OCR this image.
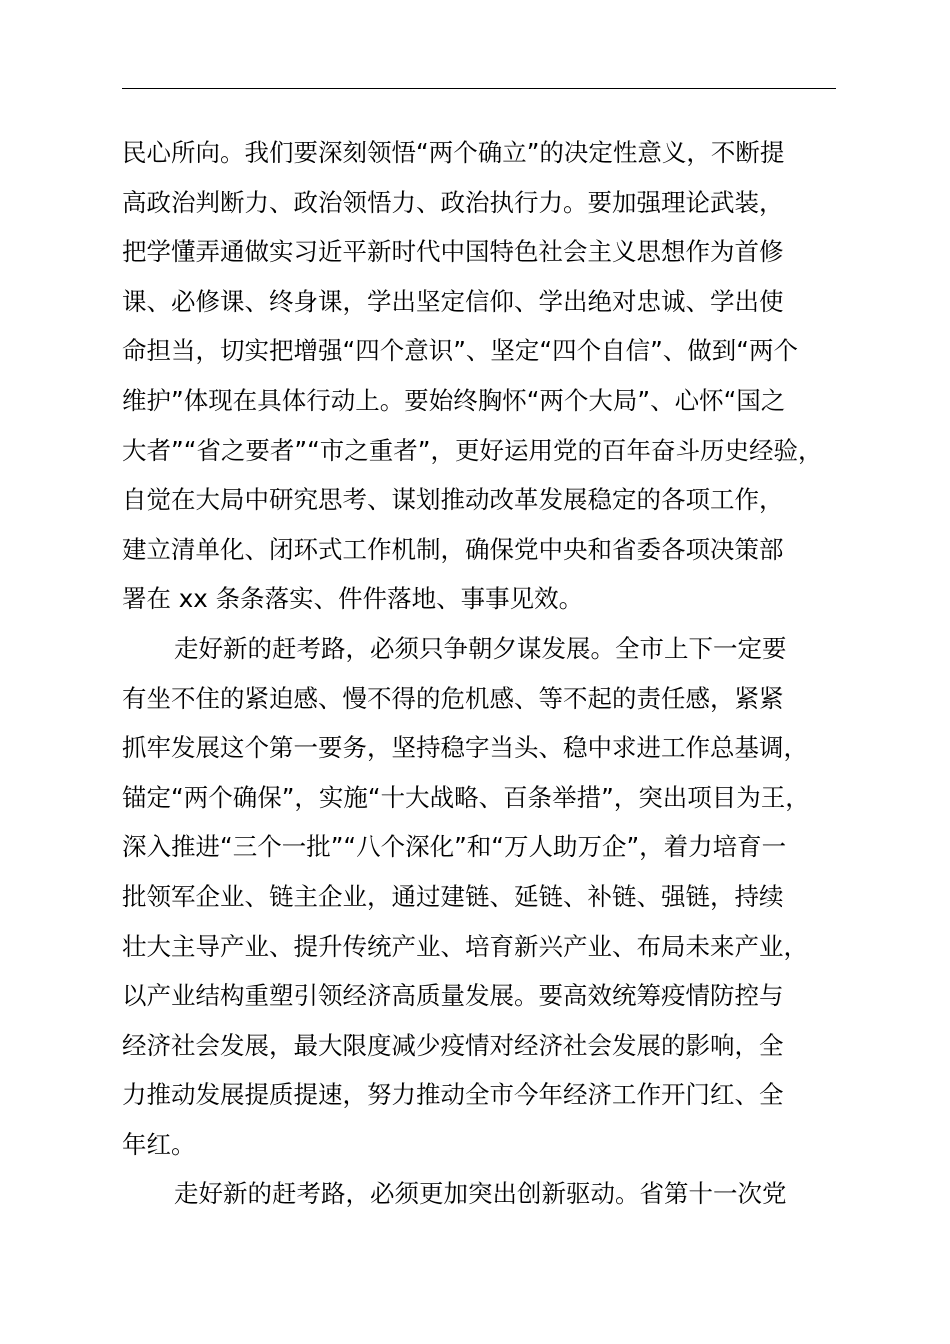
民心所向。我们要深刻领悟“两个确立”的决定性意义，不断提
高政治判断力、政治领悟力、政治执行力。要加强理论武装，
把学懂弄通做实习近平新时代中国特色社会主义思想作为首修
课、必修课、终身课，学出坚定信仰、学出绝对忠诚、学出使
命担当，切实把增强“四个意识”、坚定“四个自信”、做到“两个
维护”体现在具体行动上。要始终胸怀“两个大局”、心怀“国之
大者”“省之要者”“市之重者”，更好运用党的百年奋斗历史经验，
自觉在大局中研究思考、谋划推动改革发展稳定的各项工作，
建立清单化、闭环式工作机制，确保党中央和省委各项决策部
署在 xx 条条落实、件件落地、事事见效。
走好新的赶考路，必须只争朝夕谋发展。全市上下一定要
有坐不住的紧迫感、慢不得的危机感、等不起的责任感，紧紧
抓牢发展这个第一要务，坚持稳字当头、稳中求进工作总基调，
锚定“两个确保”，实施“十大战略、百条举措”，突出项目为王，
深入推进“三个一批”“八个深化”和“万人助万企”，着力培育一
批领军企业、链主企业，通过建链、延链、补链、强链，持续
壮大主导产业、提升传统产业、培育新兴产业、布局未来产业，
以产业结构重塑引领经济高质量发展。要高效统筹疫情防控与
经济社会发展，最大限度减少疫情对经济社会发展的影响，全
力推动发展提质提速，努力推动全市今年经济工作开门红、全
年红。
走好新的赶考路，必须更加突出创新驱动。省第十一次党
